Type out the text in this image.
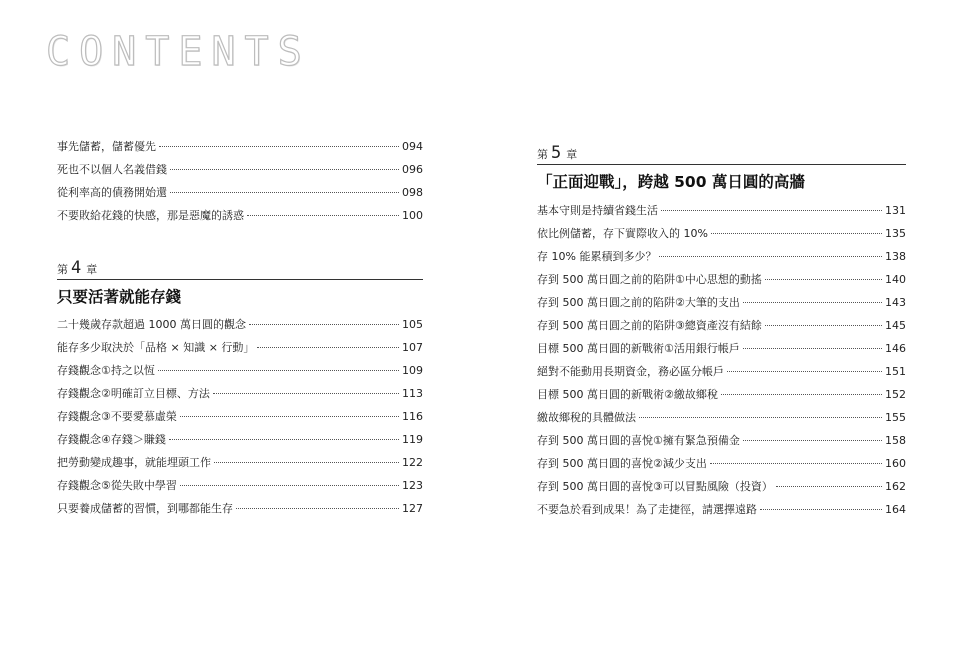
CONTENTS
事先儲蓄，儲蓄優先	094
死也不以個人名義借錢	096
從利率高的債務開始還	098
不要敗給花錢的快感，那是惡魔的誘惑	100
第 4 章
只要活著就能存錢
二十幾歲存款超過 1000 萬日圓的觀念	105
能存多少取決於「品格 × 知識 × 行動」	107
存錢觀念①持之以恆	109
存錢觀念②明確訂立目標、方法	113
存錢觀念③不要愛慕虛榮	116
存錢觀念④存錢＞賺錢	119
把勞動變成趣事，就能埋頭工作	122
存錢觀念⑤從失敗中學習	123
只要養成儲蓄的習慣，到哪都能生存	127
第 5 章
「正面迎戰」，跨越 500 萬日圓的高牆
基本守則是持續省錢生活	131
依比例儲蓄，存下實際收入的 10%	135
存 10% 能累積到多少？	138
存到 500 萬日圓之前的陷阱①中心思想的動搖	140
存到 500 萬日圓之前的陷阱②大筆的支出	143
存到 500 萬日圓之前的陷阱③總資產沒有結餘	145
目標 500 萬日圓的新戰術①活用銀行帳戶	146
絕對不能動用長期資金，務必區分帳戶	151
目標 500 萬日圓的新戰術②繳故鄉稅	152
繳故鄉稅的具體做法	155
存到 500 萬日圓的喜悅①擁有緊急預備金	158
存到 500 萬日圓的喜悅②減少支出	160
存到 500 萬日圓的喜悅③可以冒點風險（投資）	162
不要急於看到成果！為了走捷徑，請選擇遠路	164
